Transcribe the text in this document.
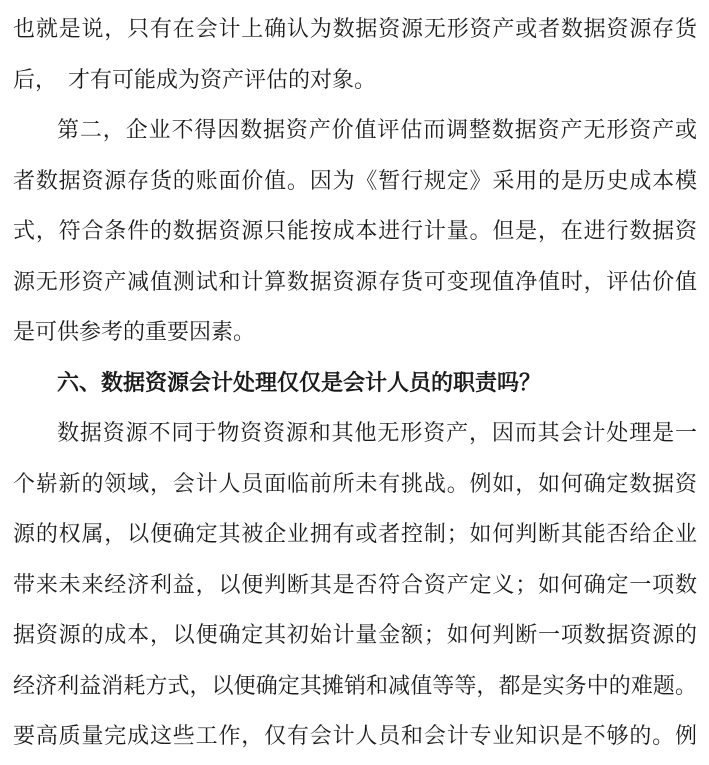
也就是说，只有在会计上确认为数据资源无形资产或者数据资源存货
后，　才有可能成为资产评估的对象。
第二，企业不得因数据资产价值评估而调整数据资产无形资产或
者数据资源存货的账面价值。因为《暂行规定》采用的是历史成本模
式，符合条件的数据资源只能按成本进行计量。但是，在进行数据资
源无形资产减值测试和计算数据资源存货可变现值净值时，评估价值
是可供参考的重要因素。
六、数据资源会计处理仅仅是会计人员的职责吗？
数据资源不同于物资资源和其他无形资产，因而其会计处理是一
个崭新的领域，会计人员面临前所未有挑战。例如，如何确定数据资
源的权属，以便确定其被企业拥有或者控制；如何判断其能否给企业
带来未来经济利益，以便判断其是否符合资产定义；如何确定一项数
据资源的成本，以便确定其初始计量金额；如何判断一项数据资源的
经济利益消耗方式，以便确定其摊销和减值等等，都是实务中的难题。
要高质量完成这些工作，仅有会计人员和会计专业知识是不够的。例
